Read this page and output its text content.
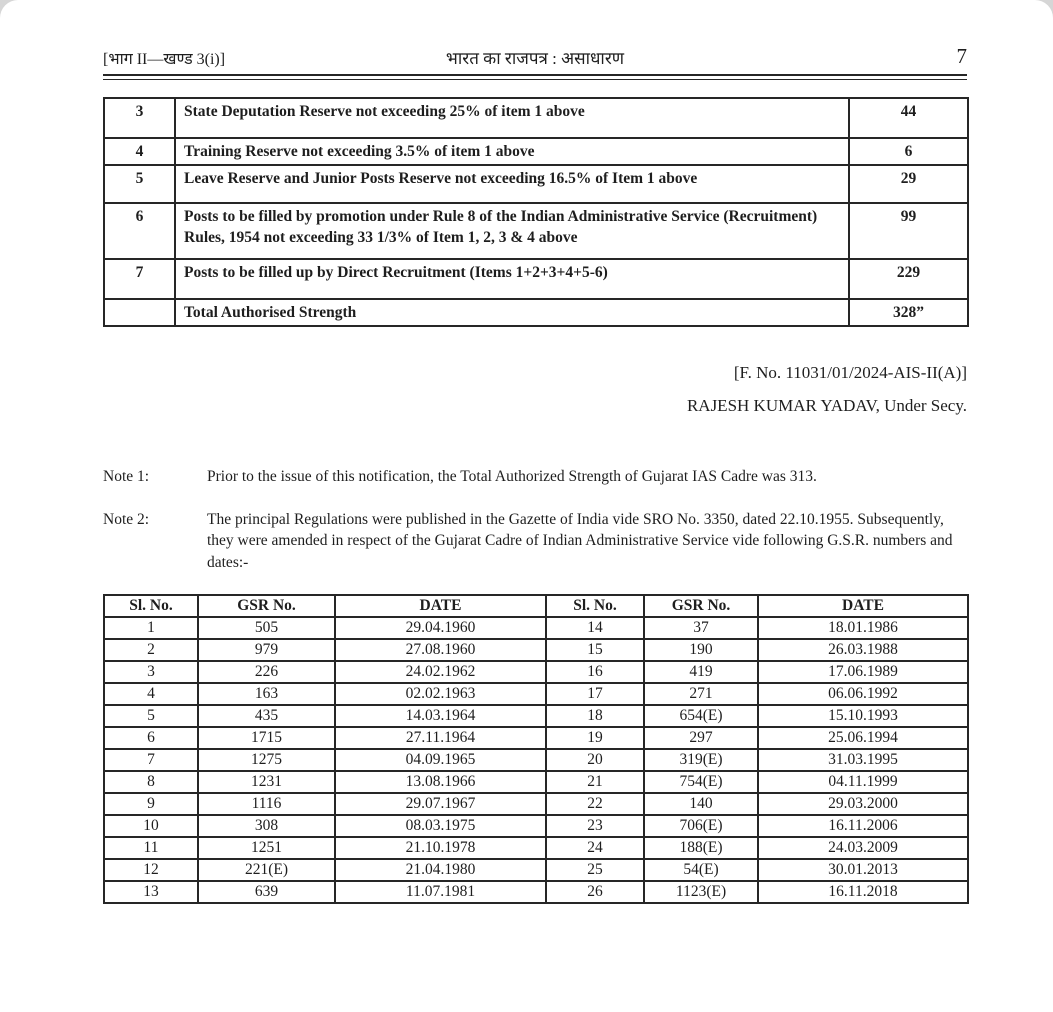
[भाग II—खण्ड 3(i)]	भारत का राजपत्र : असाधारण	7
3	State Deputation Reserve not exceeding 25% of item 1 above	44
4	Training Reserve not exceeding 3.5% of item 1 above	6
5	Leave Reserve and Junior Posts Reserve not exceeding 16.5% of Item 1 above	29
6	Posts to be filled by promotion under Rule 8 of the Indian Administrative Service (Recruitment) Rules, 1954 not exceeding 33 1/3% of Item 1, 2, 3 & 4 above	99
7	Posts to be filled up by Direct Recruitment (Items 1+2+3+4+5-6)	229
	Total Authorised Strength	328”
[F. No. 11031/01/2024-AIS-II(A)]
RAJESH KUMAR YADAV, Under Secy.
Note 1:	Prior to the issue of this notification, the Total Authorized Strength of Gujarat IAS Cadre was 313.
Note 2:	The principal Regulations were published in the Gazette of India vide SRO No. 3350, dated 22.10.1955. Subsequently, they were amended in respect of the Gujarat Cadre of Indian Administrative Service vide following G.S.R. numbers and dates:-
Sl. No.	GSR No.	DATE	Sl. No.	GSR No.	DATE
1	505	29.04.1960	14	37	18.01.1986
2	979	27.08.1960	15	190	26.03.1988
3	226	24.02.1962	16	419	17.06.1989
4	163	02.02.1963	17	271	06.06.1992
5	435	14.03.1964	18	654(E)	15.10.1993
6	1715	27.11.1964	19	297	25.06.1994
7	1275	04.09.1965	20	319(E)	31.03.1995
8	1231	13.08.1966	21	754(E)	04.11.1999
9	1116	29.07.1967	22	140	29.03.2000
10	308	08.03.1975	23	706(E)	16.11.2006
11	1251	21.10.1978	24	188(E)	24.03.2009
12	221(E)	21.04.1980	25	54(E)	30.01.2013
13	639	11.07.1981	26	1123(E)	16.11.2018
